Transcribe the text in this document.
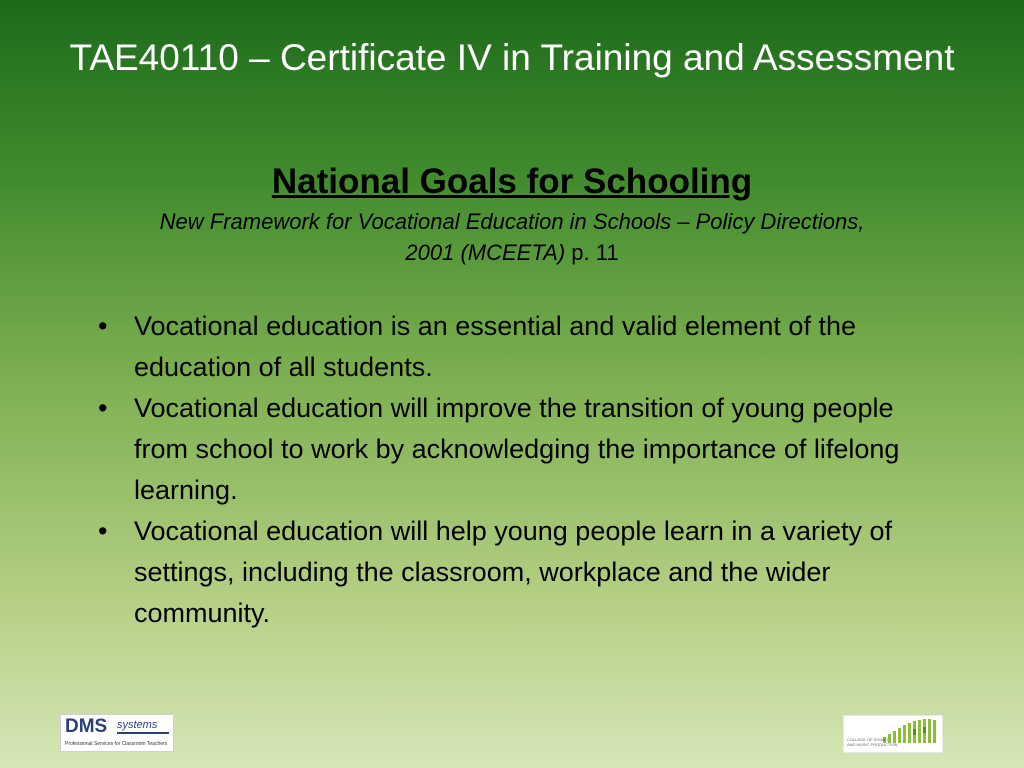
TAE40110 – Certificate IV in Training and Assessment
National Goals for Schooling
New Framework for Vocational Education in Schools – Policy Directions,
2001 (MCEETA) p. 11
• Vocational education is an essential and valid element of the education of all students.
• Vocational education will improve the transition of young people from school to work by acknowledging the importance of lifelong learning.
• Vocational education will help young people learn in a variety of settings, including the classroom, workplace and the wider community.
DMS systems
Professional Services for Classroom Teachers
COLLEGE OF SOUND
AND MUSIC PRODUCTION
